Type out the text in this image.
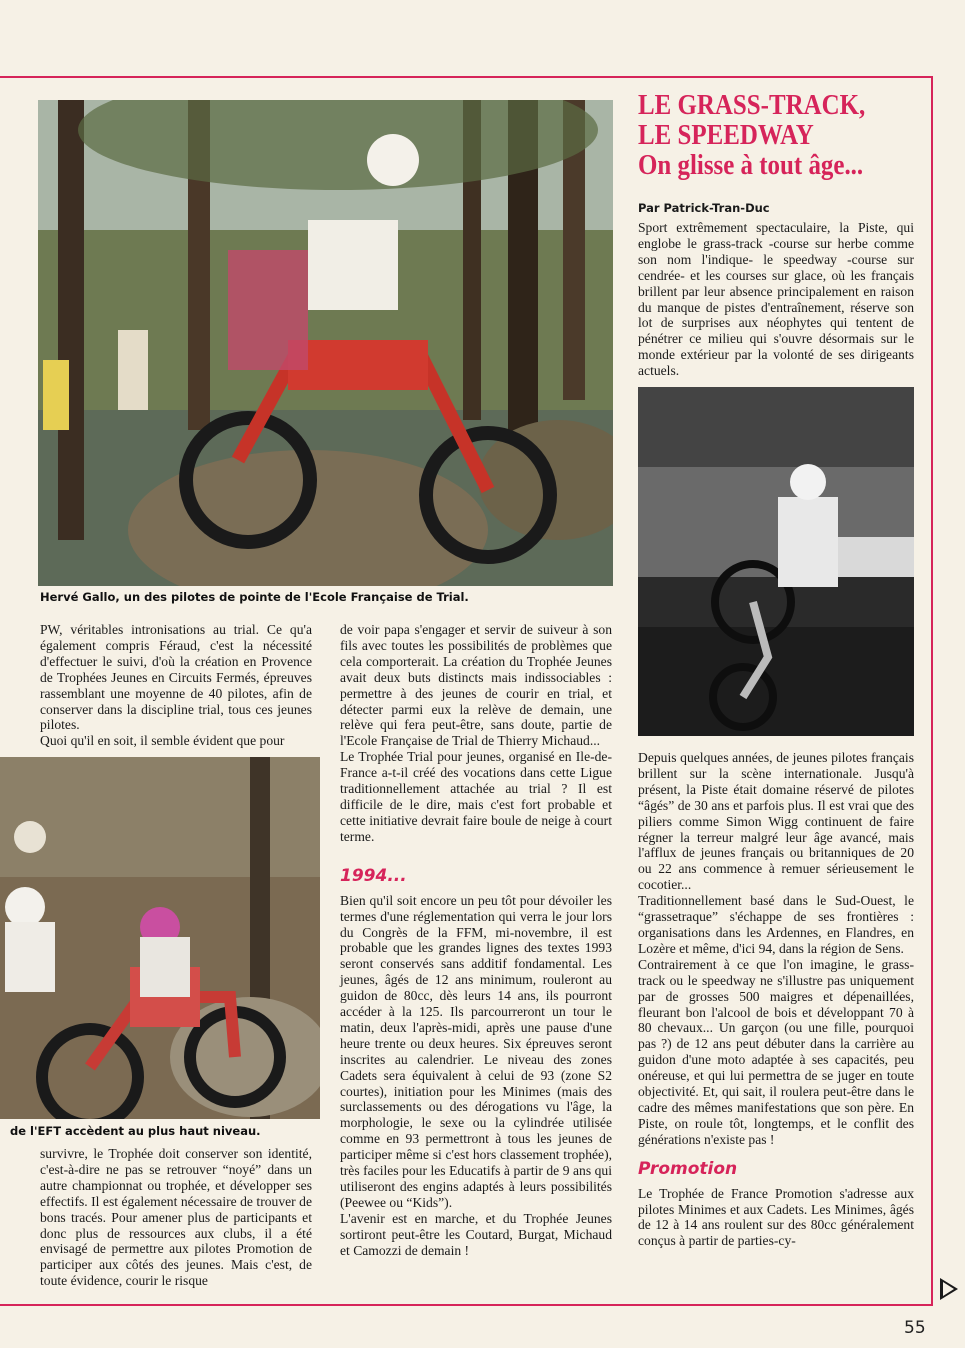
Hervé Gallo, un des pilotes de pointe de l'Ecole Française de Trial.
de l'EFT accèdent au plus haut niveau.
LE GRASS-TRACK,
LE SPEEDWAY
On glisse à tout âge...
Par Patrick-Tran-Duc

PW, véritables intronisations au trial. Ce qu'a également compris Féraud, c'est la nécessité d'effectuer le suivi, d'où la création en Provence de Trophées Jeunes en Circuits Fermés, épreuves rassemblant une moyenne de 40 pilotes, afin de conserver dans la discipline trial, tous ces jeunes pilotes.

Quoi qu'il en soit, il semble évident que pour

survivre, le Trophée doit conserver son identité, c'est-à-dire ne pas se retrouver “noyé” dans un autre championnat ou trophée, et développer ses effectifs. Il est également nécessaire de trouver de bons tracés. Pour amener plus de participants et donc plus de ressources aux clubs, il a été envisagé de permettre aux pilotes Promotion de participer aux côtés des jeunes. Mais c'est, de toute évidence, courir le risque

de voir papa s'engager et servir de suiveur à son fils avec toutes les possibilités de problèmes que cela comporterait. La création du Trophée Jeunes avait deux buts distincts mais indissociables : permettre à des jeunes de courir en trial, et détecter parmi eux la relève de demain, une relève qui fera peut-être, sans doute, partie de l'Ecole Française de Trial de Thierry Michaud...

Le Trophée Trial pour jeunes, organisé en Ile-de-France a-t-il créé des vocations dans cette Ligue traditionnellement attachée au trial ? Il est difficile de le dire, mais c'est fort probable et cette initiative devrait faire boule de neige à court terme.

1994...

Bien qu'il soit encore un peu tôt pour dévoiler les termes d'une réglementation qui verra le jour lors du Congrès de la FFM, mi-novembre, il est probable que les grandes lignes des textes 1993 seront conservés sans additif fondamental. Les jeunes, âgés de 12 ans minimum, rouleront au guidon de 80cc, dès leurs 14 ans, ils pourront accéder à la 125. Ils parcourreront un tour le matin, deux l'après-midi, après une pause d'une heure trente ou deux heures. Six épreuves seront inscrites au calendrier. Le niveau des zones Cadets sera équivalent à celui de 93 (zone S2 courtes), initiation pour les Minimes (mais des surclassements ou des dérogations vu l'âge, la morphologie, le sexe ou la cylindrée utilisée comme en 93 permettront à tous les jeunes de participer même si c'est hors classement trophée), très faciles pour les Educatifs à partir de 9 ans qui utiliseront des engins adaptés à leurs possibilités (Peewee ou “Kids”).

L'avenir est en marche, et du Trophée Jeunes sortiront peut-être les Coutard, Burgat, Michaud et Camozzi de demain !

Sport extrêmement spectaculaire, la Piste, qui englobe le grass-track -course sur herbe comme son nom l'indique- le speedway -course sur cendrée- et les courses sur glace, où les français brillent par leur absence principalement en raison du manque de pistes d'entraînement, réserve son lot de surprises aux néophytes qui tentent de pénétrer ce milieu qui s'ouvre désormais sur le monde extérieur par la volonté de ses dirigeants actuels.

Depuis quelques années, de jeunes pilotes français brillent sur la scène internationale. Jusqu'à présent, la Piste était domaine réservé de pilotes “âgés” de 30 ans et parfois plus. Il est vrai que des piliers comme Simon Wigg continuent de faire régner la terreur malgré leur âge avancé, mais l'afflux de jeunes français ou britanniques de 20 ou 22 ans commence à remuer sérieusement le cocotier...

Traditionnellement basé dans le Sud-Ouest, le “grassetraque” s'échappe de ses frontières : organisations dans les Ardennes, en Flandres, en Lozère et même, d'ici 94, dans la région de Sens.

Contrairement à ce que l'on imagine, le grass-track ou le speedway ne s'illustre pas uniquement par de grosses 500 maigres et dépenaillées, fleurant bon l'alcool de bois et développant 70 à 80 chevaux... Un garçon (ou une fille, pourquoi pas ?) de 12 ans peut débuter dans la carrière au guidon d'une moto adaptée à ses capacités, peu onéreuse, et qui lui permettra de se juger en toute objectivité. Et, qui sait, il roulera peut-être dans le cadre des mêmes manifestations que son père. En Piste, on roule tôt, longtemps, et le conflit des générations n'existe pas !

Promotion

Le Trophée de France Promotion s'adresse aux pilotes Minimes et aux Cadets. Les Minimes, âgés de 12 à 14 ans roulent sur des 80cc généralement conçus à partir de parties-cy-

55
